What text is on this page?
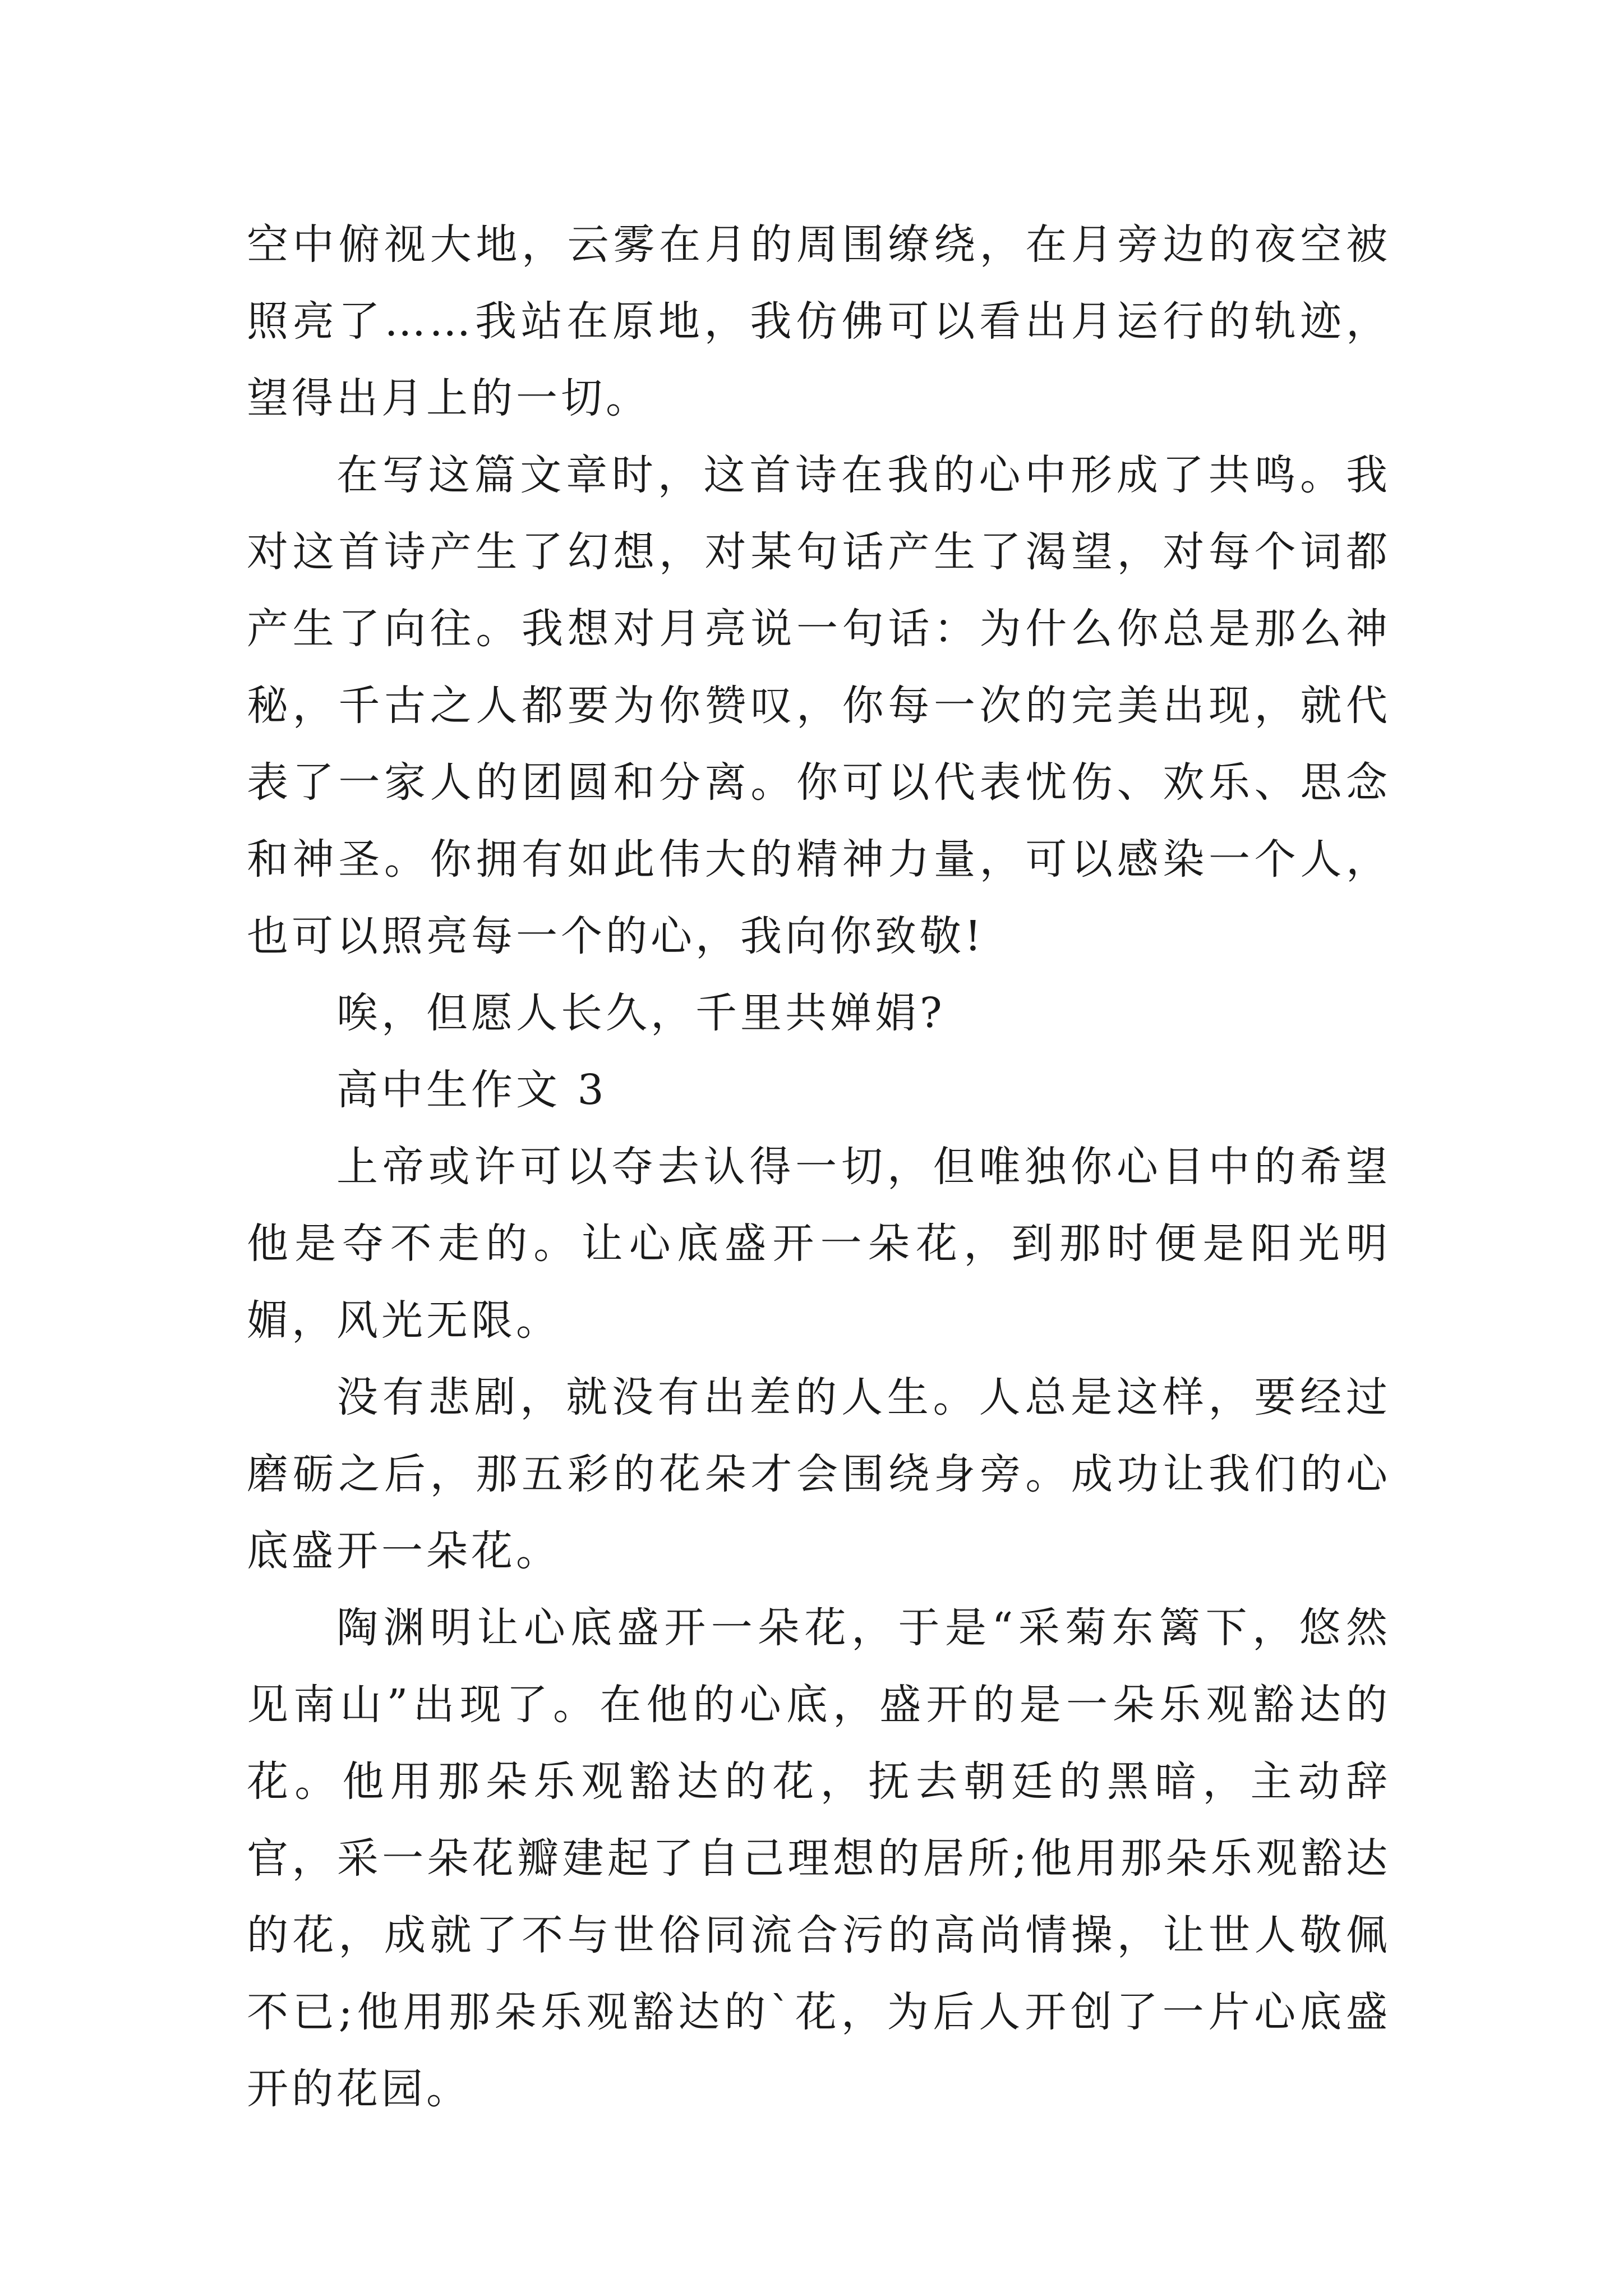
空中俯视大地，云雾在月的周围缭绕，在月旁边的夜空被照亮了……我站在原地，我仿佛可以看出月运行的轨迹，望得出月上的一切。

在写这篇文章时，这首诗在我的心中形成了共鸣。我对这首诗产生了幻想，对某句话产生了渴望，对每个词都产生了向往。我想对月亮说一句话：为什么你总是那么神秘，千古之人都要为你赞叹，你每一次的完美出现，就代表了一家人的团圆和分离。你可以代表忧伤、欢乐、思念和神圣。你拥有如此伟大的精神力量，可以感染一个人，也可以照亮每一个的心，我向你致敬!

唉，但愿人长久，千里共婵娟?

高中生作文 3

上帝或许可以夺去认得一切，但唯独你心目中的希望他是夺不走的。让心底盛开一朵花，到那时便是阳光明媚，风光无限。

没有悲剧，就没有出差的人生。人总是这样，要经过磨砺之后，那五彩的花朵才会围绕身旁。成功让我们的心底盛开一朵花。

陶渊明让心底盛开一朵花，于是“采菊东篱下，悠然见南山”出现了。在他的心底，盛开的是一朵乐观豁达的花。他用那朵乐观豁达的花，抚去朝廷的黑暗，主动辞官，采一朵花瓣建起了自己理想的居所;他用那朵乐观豁达的花，成就了不与世俗同流合污的高尚情操，让世人敬佩不已;他用那朵乐观豁达的`花，为后人开创了一片心底盛开的花园。
